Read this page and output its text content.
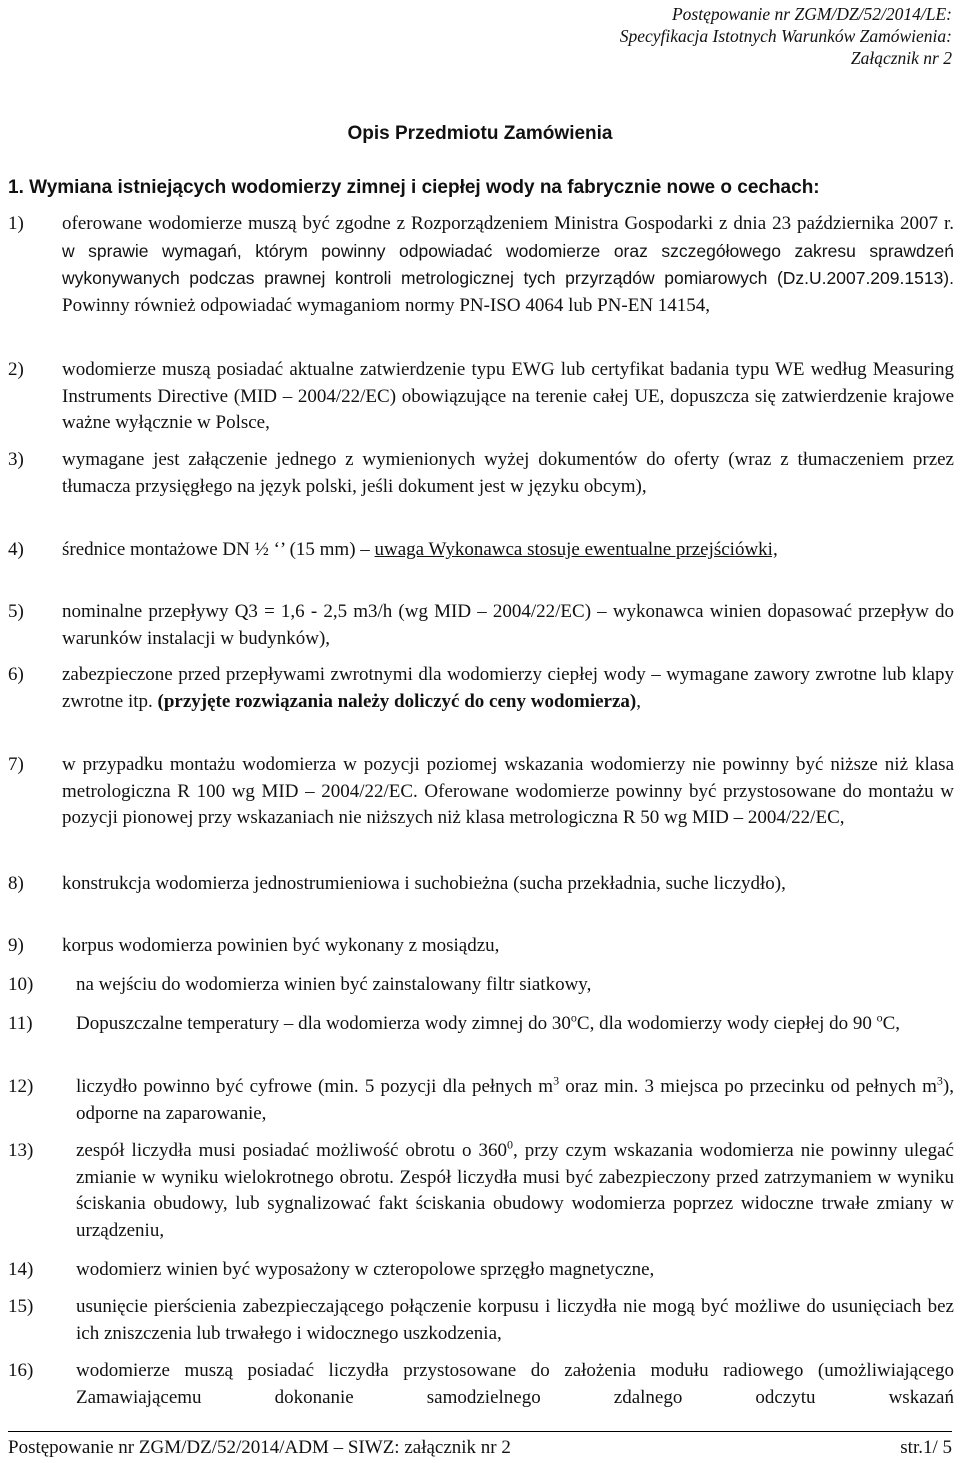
Postępowanie nr ZGM/DZ/52/2014/LE:
Specyfikacja Istotnych Warunków Zamówienia:
Załącznik nr 2
Opis Przedmiotu Zamówienia
1. Wymiana istniejących wodomierzy zimnej i ciepłej wody na fabrycznie nowe o cechach:
1) oferowane wodomierze muszą być zgodne z Rozporządzeniem Ministra Gospodarki z dnia 23 października 2007 r. w sprawie wymagań, którym powinny odpowiadać wodomierze oraz szczegółowego zakresu sprawdzeń wykonywanych podczas prawnej kontroli metrologicznej tych przyrządów pomiarowych (Dz.U.2007.209.1513). Powinny również odpowiadać wymaganiom normy PN-ISO 4064 lub PN-EN 14154,
2) wodomierze muszą posiadać aktualne zatwierdzenie typu EWG lub certyfikat badania typu WE według Measuring Instruments Directive (MID – 2004/22/EC) obowiązujące na terenie całej UE, dopuszcza się zatwierdzenie krajowe ważne wyłącznie w Polsce,
3) wymagane jest załączenie jednego z wymienionych wyżej dokumentów do oferty (wraz z tłumaczeniem przez tłumacza przysięgłego na język polski, jeśli dokument jest w języku obcym),
4) średnice montażowe DN ½ ‘’ (15 mm) – uwaga Wykonawca stosuje ewentualne przejściówki,
5) nominalne przepływy Q3 = 1,6 - 2,5 m3/h (wg MID – 2004/22/EC) – wykonawca winien dopasować przepływ do warunków instalacji w budynków),
6) zabezpieczone przed przepływami zwrotnymi dla wodomierzy ciepłej wody – wymagane zawory zwrotne lub klapy zwrotne itp. (przyjęte rozwiązania należy doliczyć do ceny wodomierza),
7) w przypadku montażu wodomierza w pozycji poziomej wskazania wodomierzy nie powinny być niższe niż klasa metrologiczna R 100 wg MID – 2004/22/EC. Oferowane wodomierze powinny być przystosowane do montażu w pozycji pionowej przy wskazaniach nie niższych niż klasa metrologiczna R 50 wg MID – 2004/22/EC,
8) konstrukcja wodomierza jednostrumieniowa i suchobieżna (sucha przekładnia, suche liczydło),
9) korpus wodomierza powinien być wykonany z mosiądzu,
10) na wejściu do wodomierza winien być zainstalowany filtr siatkowy,
11) Dopuszczalne temperatury – dla wodomierza wody zimnej do 30$^o$C, dla wodomierzy wody ciepłej do 90 $^o$C,
12) liczydło powinno być cyfrowe (min. 5 pozycji dla pełnych $m^3$ oraz min. 3 miejsca po przecinku od pełnych $m^3$), odporne na zaparowanie,
13) zespół liczydła musi posiadać możliwość obrotu o $360^0$, przy czym wskazania wodomierza nie powinny ulegać zmianie w wyniku wielokrotnego obrotu. Zespół liczydła musi być zabezpieczony przed zatrzymaniem w wyniku ściskania obudowy, lub sygnalizować fakt ściskania obudowy wodomierza poprzez widoczne trwałe zmiany w urządzeniu,
14) wodomierz winien być wyposażony w czteropolowe sprzęgło magnetyczne,
15) usunięcie pierścienia zabezpieczającego połączenie korpusu i liczydła nie mogą być możliwe do usunięciach bez ich zniszczenia lub trwałego i widocznego uszkodzenia,
16) wodomierze muszą posiadać liczydła przystosowane do założenia modułu radiowego (umożliwiającego Zamawiającemu dokonanie samodzielnego zdalnego odczytu wskazań
Postępowanie nr ZGM/DZ/52/2014/ADM – SIWZ: załącznik nr 2	str.1/ 5
